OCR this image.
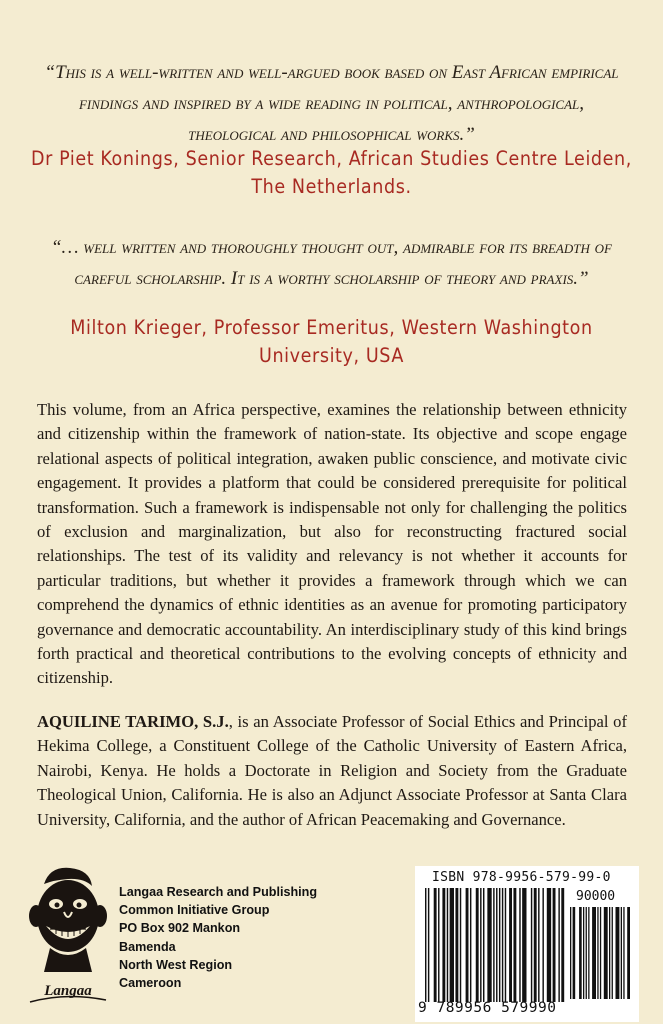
“This is a well-written and well-argued book based on East African empirical findings and inspired by a wide reading in political, anthropological, theological and philosophical works.”
Dr Piet Konings, Senior Research, African Studies Centre Leiden, The Netherlands.
“… well written and thoroughly thought out, admirable for its breadth of careful scholarship. It is a worthy scholarship of theory and praxis.”
Milton Krieger, Professor Emeritus, Western Washington University, USA
This volume, from an Africa perspective, examines the relationship between ethnicity and citizenship within the framework of nation-state. Its objective and scope engage relational aspects of political integration, awaken public conscience, and motivate civic engagement. It provides a platform that could be considered prerequisite for political transformation. Such a framework is indispensable not only for challenging the politics of exclusion and marginalization, but also for reconstructing fractured social relationships. The test of its validity and relevancy is not whether it accounts for particular traditions, but whether it provides a framework through which we can comprehend the dynamics of ethnic identities as an avenue for promoting participatory governance and democratic accountability. An interdisciplinary study of this kind brings forth practical and theoretical contributions to the evolving concepts of ethnicity and citizenship.
AQUILINE TARIMO, S.J., is an Associate Professor of Social Ethics and Principal of Hekima College, a Constituent College of the Catholic University of Eastern Africa, Nairobi, Kenya. He holds a Doctorate in Religion and Society from the Graduate Theological Union, California. He is also an Adjunct Associate Professor at Santa Clara University, California, and the author of African Peacemaking and Governance.
Langaa
Langaa Research and Publishing
Common Initiative Group
PO Box 902 Mankon
Bamenda
North West Region
Cameroon
ISBN 978-9956-579-99-0
90000
9 789956 579990
